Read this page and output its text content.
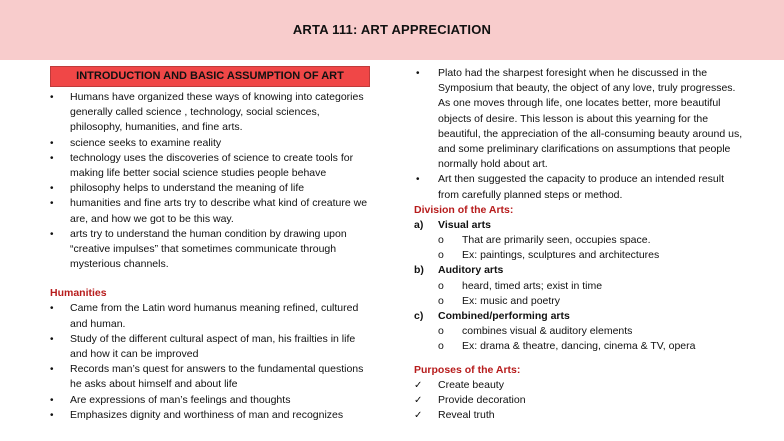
ARTA 111: ART APPRECIATION
INTRODUCTION AND BASIC ASSUMPTION OF ART
• Humans have organized these ways of knowing into categories generally called science , technology, social sciences, philosophy, humanities, and fine arts.
• science seeks to examine reality
• technology uses the discoveries of science to create tools for making life better social science studies people behave
• philosophy helps to understand the meaning of life
• humanities and fine arts try to describe what kind of creature we are, and how we got to be this way.
• arts try to understand the human condition by drawing upon “creative impulses” that sometimes communicate through mysterious channels.
Humanities
• Came from the Latin word humanus meaning refined, cultured and human.
• Study of the different cultural aspect of man, his frailties in life and how it can be improved
• Records man’s quest for answers to the fundamental questions he asks about himself and about life
• Are expressions of man’s feelings and thoughts
• Emphasizes dignity and worthiness of man and recognizes
• Plato had the sharpest foresight when he discussed in the Symposium that beauty, the object of any love, truly progresses. As one moves through life, one locates better, more beautiful objects of desire. This lesson is about this yearning for the beautiful, the appreciation of the all-consuming beauty around us, and some preliminary clarifications on assumptions that people normally hold about art.
• Art then suggested the capacity to produce an intended result from carefully planned steps or method.
Division of the Arts:
a)	Visual arts
o	That are primarily seen, occupies space.
o	Ex: paintings, sculptures and architectures
b)	Auditory arts
o	heard, timed arts; exist in time
o	Ex: music and poetry
c)	Combined/performing arts
o	combines visual & auditory elements
o	Ex: drama & theatre, dancing, cinema & TV, opera
Purposes of the Arts:
✓ Create beauty
✓ Provide decoration
✓ Reveal truth
